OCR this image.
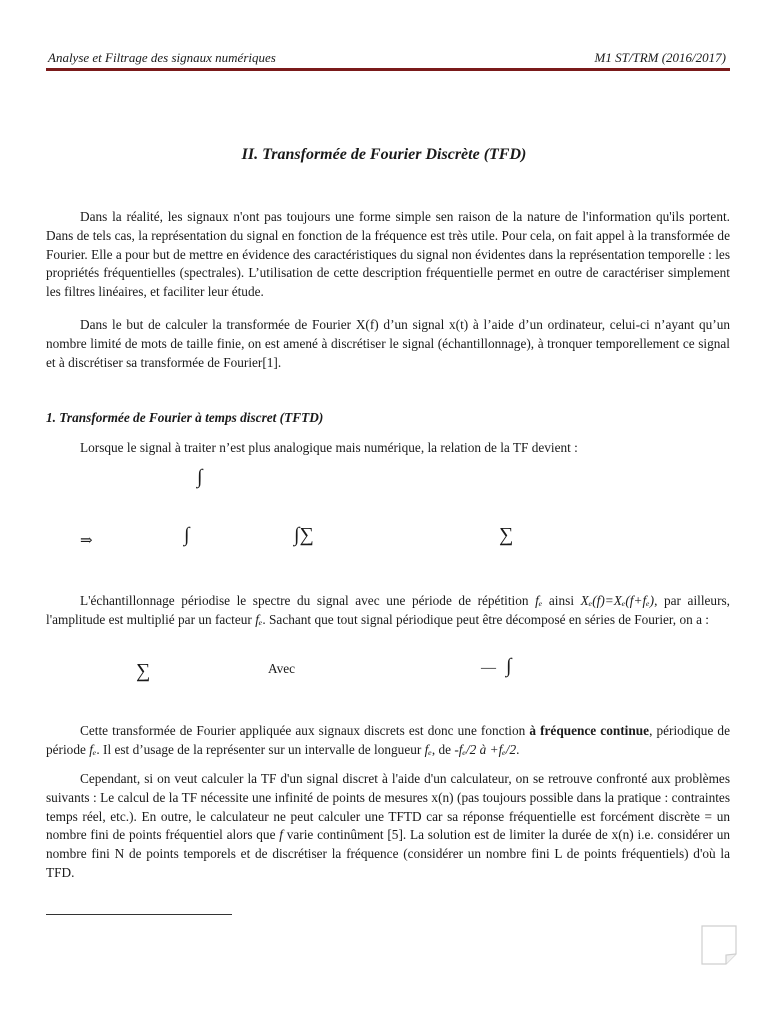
Analyse et Filtrage des signaux numériques	M1 ST/TRM (2016/2017)
II. Transformée de Fourier Discrète (TFD)

Dans la réalité, les signaux n'ont pas toujours une forme simple sen raison de la nature de l'information qu'ils portent. Dans de tels cas, la représentation du signal en fonction de la fréquence est très utile. Pour cela, on fait appel à la transformée de Fourier. Elle a pour but de mettre en évidence des caractéristiques du signal non évidentes dans la représentation temporelle : les propriétés fréquentielles (spectrales). L’utilisation de cette description fréquentielle permet en outre de caractériser simplement les filtres linéaires, et faciliter leur étude.

Dans le but de calculer la transformée de Fourier X(f) d’un signal x(t) à l’aide d’un ordinateur, celui-ci n’ayant qu’un nombre limité de mots de taille finie, on est amené à discrétiser le signal (échantillonnage), à tronquer temporellement ce signal et à discrétiser sa transformée de Fourier[1].

1. Transformée de Fourier à temps discret (TFTD)
Lorsque le signal à traiter n’est plus analogique mais numérique, la relation de la TF devient :
∫
⇒	∫	∫∑	∑

L'échantillonnage périodise le spectre du signal avec une période de répétition fₑ ainsi Xₑ(f)=Xₑ(f+fₑ), par ailleurs, l'amplitude est multiplié par un facteur fₑ. Sachant que tout signal périodique peut être décomposé en séries de Fourier, on a :

∑	Avec	— ∫

Cette transformée de Fourier appliquée aux signaux discrets est donc une fonction à fréquence continue, périodique de période fₑ. Il est d’usage de la représenter sur un intervalle de longueur fₑ, de -fₑ/2 à +fₑ/2.

Cependant, si on veut calculer la TF d'un signal discret à l'aide d'un calculateur, on se retrouve confronté aux problèmes suivants : Le calcul de la TF nécessite une infinité de points de mesures x(n) (pas toujours possible dans la pratique : contraintes temps réel, etc.). En outre, le calculateur ne peut calculer une TFTD car sa réponse fréquentielle est forcément discrète = un nombre fini de points fréquentiel alors que f varie continûment [5]. La solution est de limiter la durée de x(n) i.e. considérer un nombre fini N de points temporels et de discrétiser la fréquence (considérer un nombre fini L de points fréquentiels) d'où la TFD.
